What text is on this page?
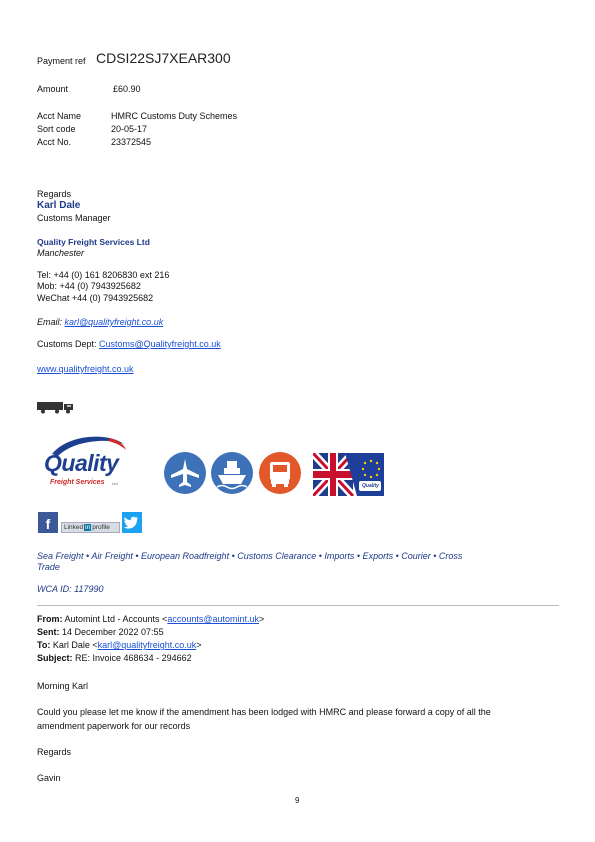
Payment ref CDSI22SJ7XEAR300
Amount	£60.90
Acct Name	HMRC Customs Duty Schemes
Sort code	20-05-17
Acct No.	23372545
Regards
Karl Dale
Customs Manager
Quality Freight Services Ltd
Manchester
Tel: +44 (0) 161 8206830 ext 216
Mob: +44 (0) 7943925682
WeChat +44 (0) 7943925682
Email: karl@qualityfreight.co.uk
Customs Dept: Customs@Qualityfreight.co.uk
www.qualityfreight.co.uk
Quality
Freight Services Ltd	Quality
f	Linked in profile
Sea Freight • Air Freight • European Roadfreight • Customs Clearance • Imports • Exports • Courier • Cross
Trade
WCA ID: 117990
From: Automint Ltd - Accounts <accounts@automint.uk>
Sent: 14 December 2022 07:55
To: Karl Dale <karl@qualityfreight.co.uk>
Subject: RE: Invoice 468634 - 294662
Morning Karl
Could you please let me know if the amendment has been lodged with HMRC and please forward a copy of all the
amendment paperwork for our records
Regards
Gavin
9
